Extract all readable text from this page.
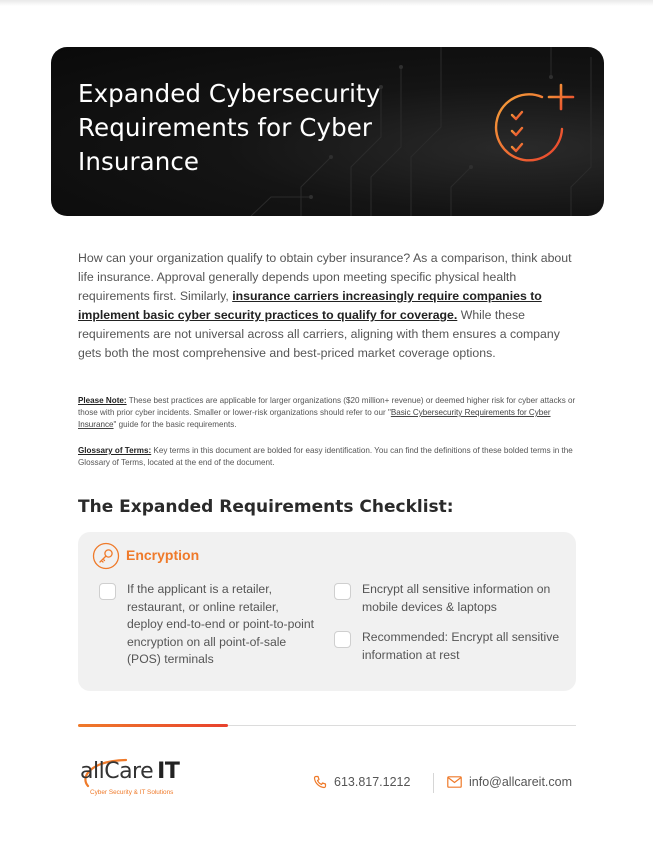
Expanded Cybersecurity Requirements for Cyber Insurance

How can your organization qualify to obtain cyber insurance? As a comparison, think about life insurance. Approval generally depends upon meeting specific physical health requirements first. Similarly, insurance carriers increasingly require companies to implement basic cyber security practices to qualify for coverage. While these requirements are not universal across all carriers, aligning with them ensures a company gets both the most comprehensive and best-priced market coverage options.

Please Note: These best practices are applicable for larger organizations ($20 million+ revenue) or deemed higher risk for cyber attacks or those with prior cyber incidents. Smaller or lower-risk organizations should refer to our "Basic Cybersecurity Requirements for Cyber Insurance" guide for the basic requirements.

Glossary of Terms: Key terms in this document are bolded for easy identification. You can find the definitions of these bolded terms in the Glossary of Terms, located at the end of the document.

The Expanded Requirements Checklist:
Encryption
If the applicant is a retailer, restaurant, or online retailer, deploy end-to-end or point-to-point encryption on all point-of-sale (POS) terminals
Encrypt all sensitive information on mobile devices & laptops
Recommended: Encrypt all sensitive information at rest
allCare IT
Cyber Security & IT Solutions
613.817.1212	info@allcareit.com
